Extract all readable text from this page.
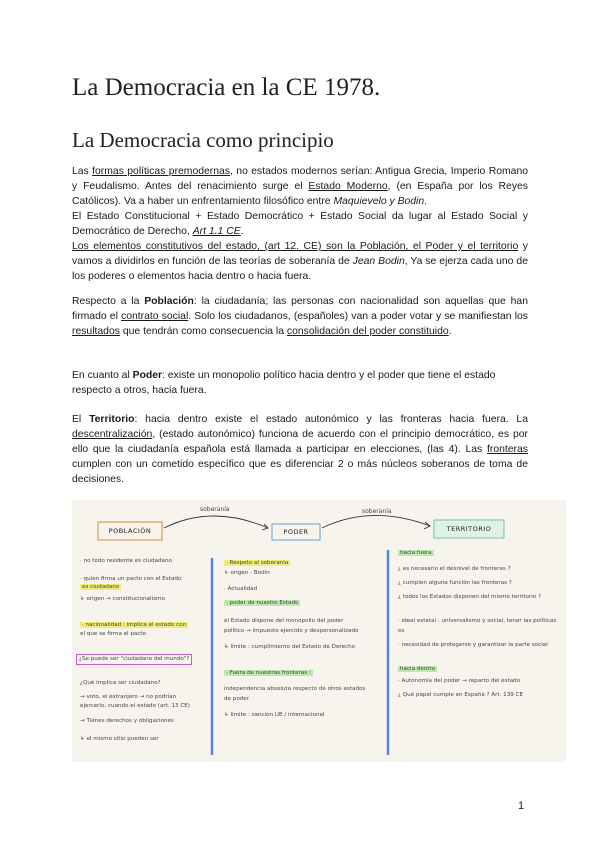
La Democracia en la CE 1978.
La Democracia como principio

Las formas políticas premodernas, no estados modernos serían: Antigua Grecia, Imperio Romano y Feudalismo. Antes del renacimiento surge el Estado Moderno, (en España por los Reyes Católicos). Va a haber un enfrentamiento filosófico entre Maquievelo y Bodin.
El Estado Constitucional + Estado Democrático + Estado Social da lugar al Estado Social y Democrático de Derecho, Art 1.1 CE.
Los elementos constitutivos del estado, (art 12. CE) son la Población, el Poder y el territorio y vamos a dividirlos en función de las teorías de soberanía de Jean Bodin, Ya se ejerza cada uno de los poderes o elementos hacia dentro o hacia fuera.

Respecto a la Población: la ciudadanía; las personas con nacionalidad son aquellas que han firmado el contrato social. Solo los ciudadanos, (españoles) van a poder votar y se manifiestan los resultados que tendrán como consecuencia la consolidación del poder constituido.

En cuanto al Poder: existe un monopolio político hacia dentro y el poder que tiene el estado respecto a otros, hacia fuera.

El Territorio: hacia dentro existe el estado autonómico y las fronteras hacia fuera. La descentralización, (estado autonómico) funciona de acuerdo con el principio democrático, es por ello que la ciudadanía española está llamada a participar en elecciones, (las 4). Las fronteras cumplen con un cometido específico que es diferenciar 2 o más núcleos soberanos de toma de decisiones.

POBLACIÓN	PODER	TERRITORIO
soberanía	soberanía
· no todo residente es ciudadano
· quien firma un pacto con el Estado
es ciudadano
↳ origen → constitucionalismo
· nacionalidad : implica el estado con
el que se firma el pacto
¿Se puede ser "ciudadano del mundo"?
¿Qué implica ser ciudadano?
→ voto, el extranjero → no podrían
ejercerlo, cuando el estado (art. 13 CE)
→ Tienes derechos y obligaciones
↳ el mismo sitio pueden ser
· Respeto al soberanía
↳ origen - Bodin
· Actualidad
· poder de nuestro Estado
el Estado dispone del monopolio del poder
político → impuesto ejercido y despersonalizado
↳ límite : cumplimiento del Estado de Derecho
· Fuera de nuestras fronteras :
independencia absoluta respecto de otros estados
de poder
↳ límite : sanción UE / internacional
hacia fuera
¿ es necesario el desnivel de fronteras ?
¿ cumplen alguna función las fronteras ?
¿ todos los Estados disponen del mismo territorio ?
· ideal estatal : universalismo y social, tener las políticas
es
· necesidad de protegerse y garantizar la parte social
hacia dentro
· Autonomía del poder → reparto del estado
¿ Qué papel cumple en España ? Art. 139 CE
1
